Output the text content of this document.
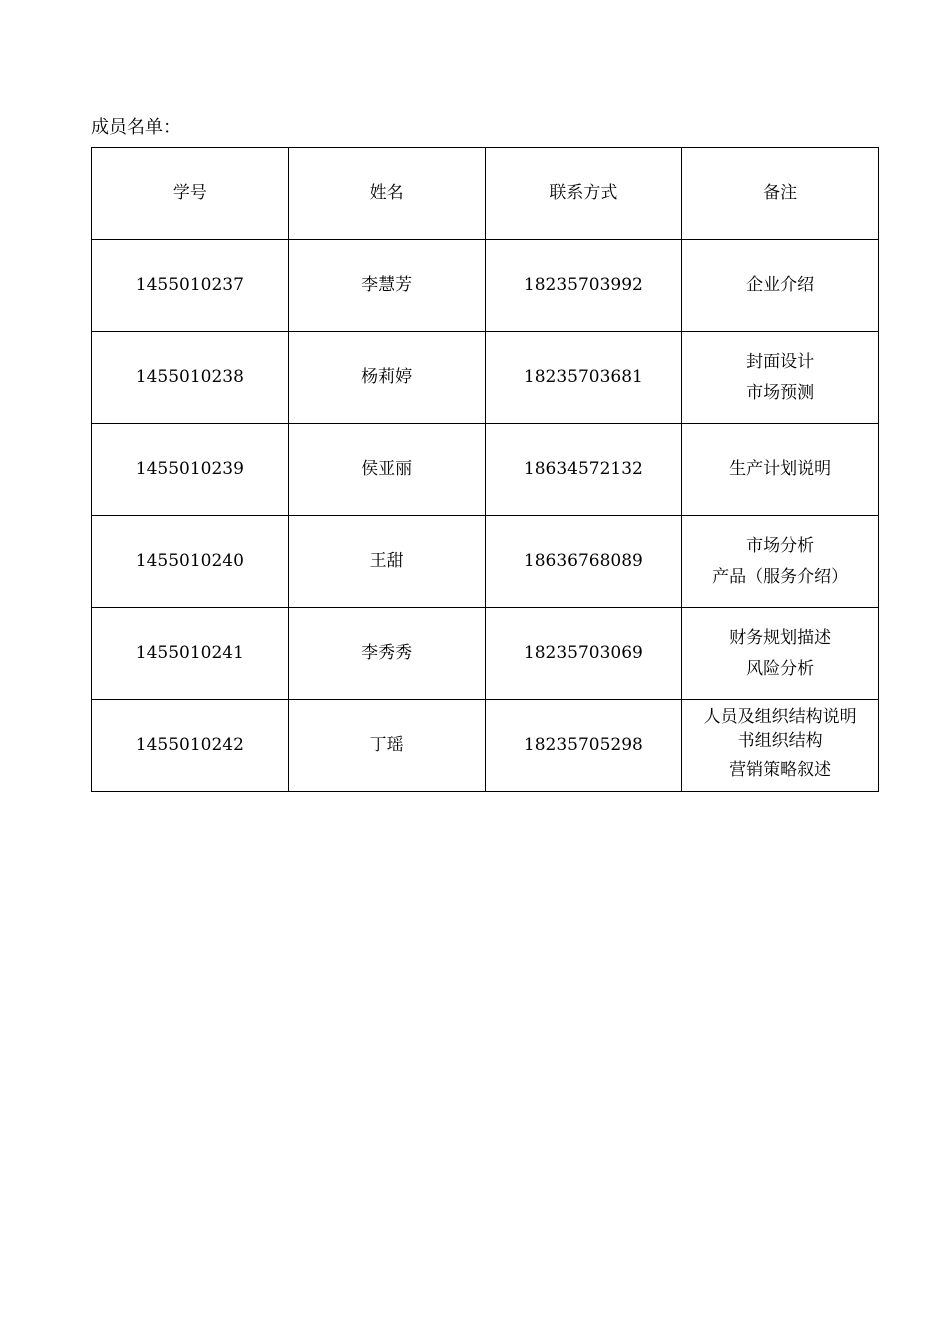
成员名单：
学号	姓名	联系方式	备注
1455010237	李慧芳	18235703992	企业介绍

1455010238	杨莉婷	18235703681	封面设计
市场预测

1455010239	侯亚丽	18634572132	生产计划说明

1455010240	王甜	18636768089	市场分析
产品（服务介绍）

1455010241	李秀秀	18235703069	财务规划描述
风险分析

1455010242	丁瑶	18235705298	人员及组织结构说明
书组织结构
营销策略叙述
